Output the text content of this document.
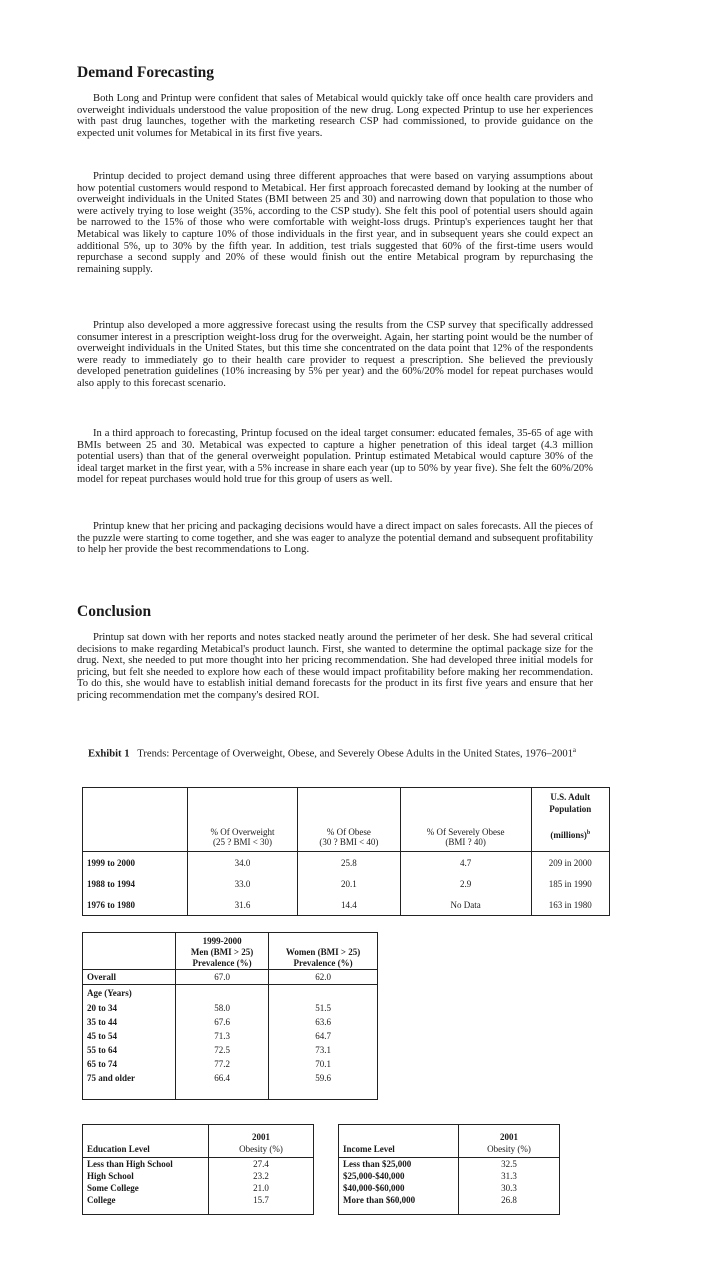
Demand Forecasting

Both Long and Printup were confident that sales of Metabical would quickly take off once health care providers and overweight individuals understood the value proposition of the new drug. Long expected Printup to use her experiences with past drug launches, together with the marketing research CSP had commissioned, to provide guidance on the expected unit volumes for Metabical in its first five years.

Printup decided to project demand using three different approaches that were based on varying assumptions about how potential customers would respond to Metabical. Her first approach forecasted demand by looking at the number of overweight individuals in the United States (BMI between 25 and 30) and narrowing down that population to those who were actively trying to lose weight (35%, according to the CSP study). She felt this pool of potential users should again be narrowed to the 15% of those who were comfortable with weight-loss drugs. Printup's experiences taught her that Metabical was likely to capture 10% of those individuals in the first year, and in subsequent years she could expect an additional 5%, up to 30% by the fifth year. In addition, test trials suggested that 60% of the first-time users would repurchase a second supply and 20% of these would finish out the entire Metabical program by repurchasing the remaining supply.

Printup also developed a more aggressive forecast using the results from the CSP survey that specifically addressed consumer interest in a prescription weight-loss drug for the overweight. Again, her starting point would be the number of overweight individuals in the United States, but this time she concentrated on the data point that 12% of the respondents were ready to immediately go to their health care provider to request a prescription. She believed the previously developed penetration guidelines (10% increasing by 5% per year) and the 60%/20% model for repeat purchases would also apply to this forecast scenario.

In a third approach to forecasting, Printup focused on the ideal target consumer: educated females, 35-65 of age with BMIs between 25 and 30. Metabical was expected to capture a higher penetration of this ideal target (4.3 million potential users) than that of the general overweight population. Printup estimated Metabical would capture 30% of the ideal target market in the first year, with a 5% increase in share each year (up to 50% by year five). She felt the 60%/20% model for repeat purchases would hold true for this group of users as well.

Printup knew that her pricing and packaging decisions would have a direct impact on sales forecasts. All the pieces of the puzzle were starting to come together, and she was eager to analyze the potential demand and subsequent profitability to help her provide the best recommendations to Long.

Conclusion

Printup sat down with her reports and notes stacked neatly around the perimeter of her desk. She had several critical decisions to make regarding Metabical's product launch. First, she wanted to determine the optimal package size for the drug. Next, she needed to put more thought into her pricing recommendation. She had developed three initial models for pricing, but felt she needed to explore how each of these would impact profitability before making her recommendation. To do this, she would have to establish initial demand forecasts for the product in its first five years and ensure that her pricing recommendation met the company's desired ROI.

Exhibit 1 Trends: Percentage of Overweight, Obese, and Severely Obese Adults in the United States, 1976–2001$^a$

	% Of Overweight
(25 ? BMI < 30)	% Of Obese
(30 ? BMI < 40)	% Of Severely Obese
(BMI ? 40)	U.S. Adult
Population

(millions)$^b$
1999 to 2000	34.0	25.8	4.7	209 in 2000
1988 to 1994	33.0	20.1	2.9	185 in 1990
1976 to 1980	31.6	14.4	No Data	163 in 1980
	1999-2000
Men (BMI > 25)
Prevalence (%)	Women (BMI > 25)
Prevalence (%)
Overall	67.0	62.0
Age (Years)		
20 to 34	58.0	51.5
35 to 44	67.6	63.6
45 to 54	71.3	64.7
55 to 64	72.5	73.1
65 to 74	77.2	70.1
75 and older	66.4	59.6

Education Level	2001
Obesity (%)
Less than High School	27.4
High School	23.2
Some College	21.0
College	15.7

Income Level	2001
Obesity (%)
Less than $25,000	32.5
$25,000-$40,000	31.3
$40,000-$60,000	30.3
More than $60,000	26.8
